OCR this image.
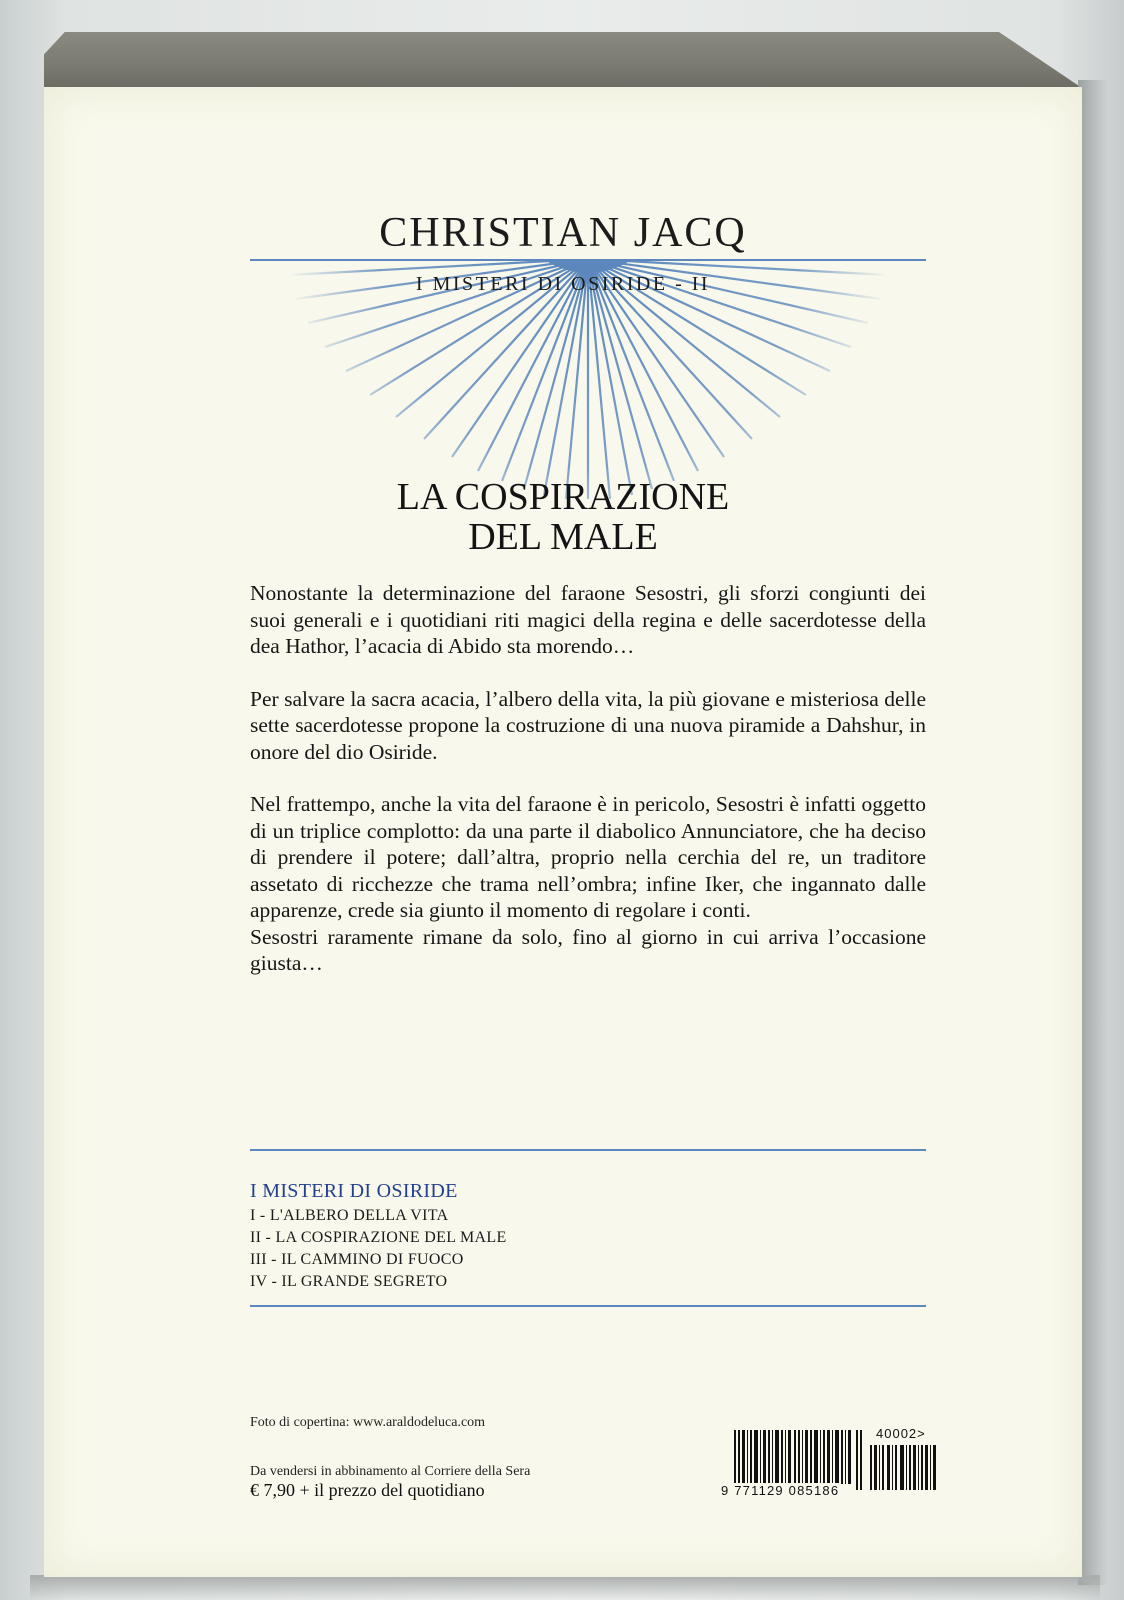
CHRISTIAN JACQ
I MISTERI DI OSIRIDE - II
LA COSPIRAZIONE
DEL MALE

Nonostante la determinazione del faraone Sesostri, gli sforzi congiunti dei suoi generali e i quotidiani riti magici della regina e delle sacerdotesse della dea Hathor, l’acacia di Abido sta morendo…

Per salvare la sacra acacia, l’albero della vita, la più giovane e misteriosa delle sette sacerdotesse propone la costruzione di una nuova piramide a Dahshur, in onore del dio Osiride.

Nel frattempo, anche la vita del faraone è in pericolo, Sesostri è infatti oggetto di un triplice complotto: da una parte il diabolico Annunciatore, che ha deciso di prendere il potere; dall’altra, proprio nella cerchia del re, un traditore assetato di ricchezze che trama nell’ombra; infine Iker, che ingannato dalle apparenze, crede sia giunto il momento di regolare i conti.

Sesostri raramente rimane da solo, fino al giorno in cui arriva l’occasione giusta…

I MISTERI DI OSIRIDE
I - L'ALBERO DELLA VITA
II - LA COSPIRAZIONE DEL MALE
III - IL CAMMINO DI FUOCO
IV - IL GRANDE SEGRETO
Foto di copertina: www.araldodeluca.com
Da vendersi in abbinamento al Corriere della Sera
€ 7,90 + il prezzo del quotidiano
40002>
9 771129 085186
